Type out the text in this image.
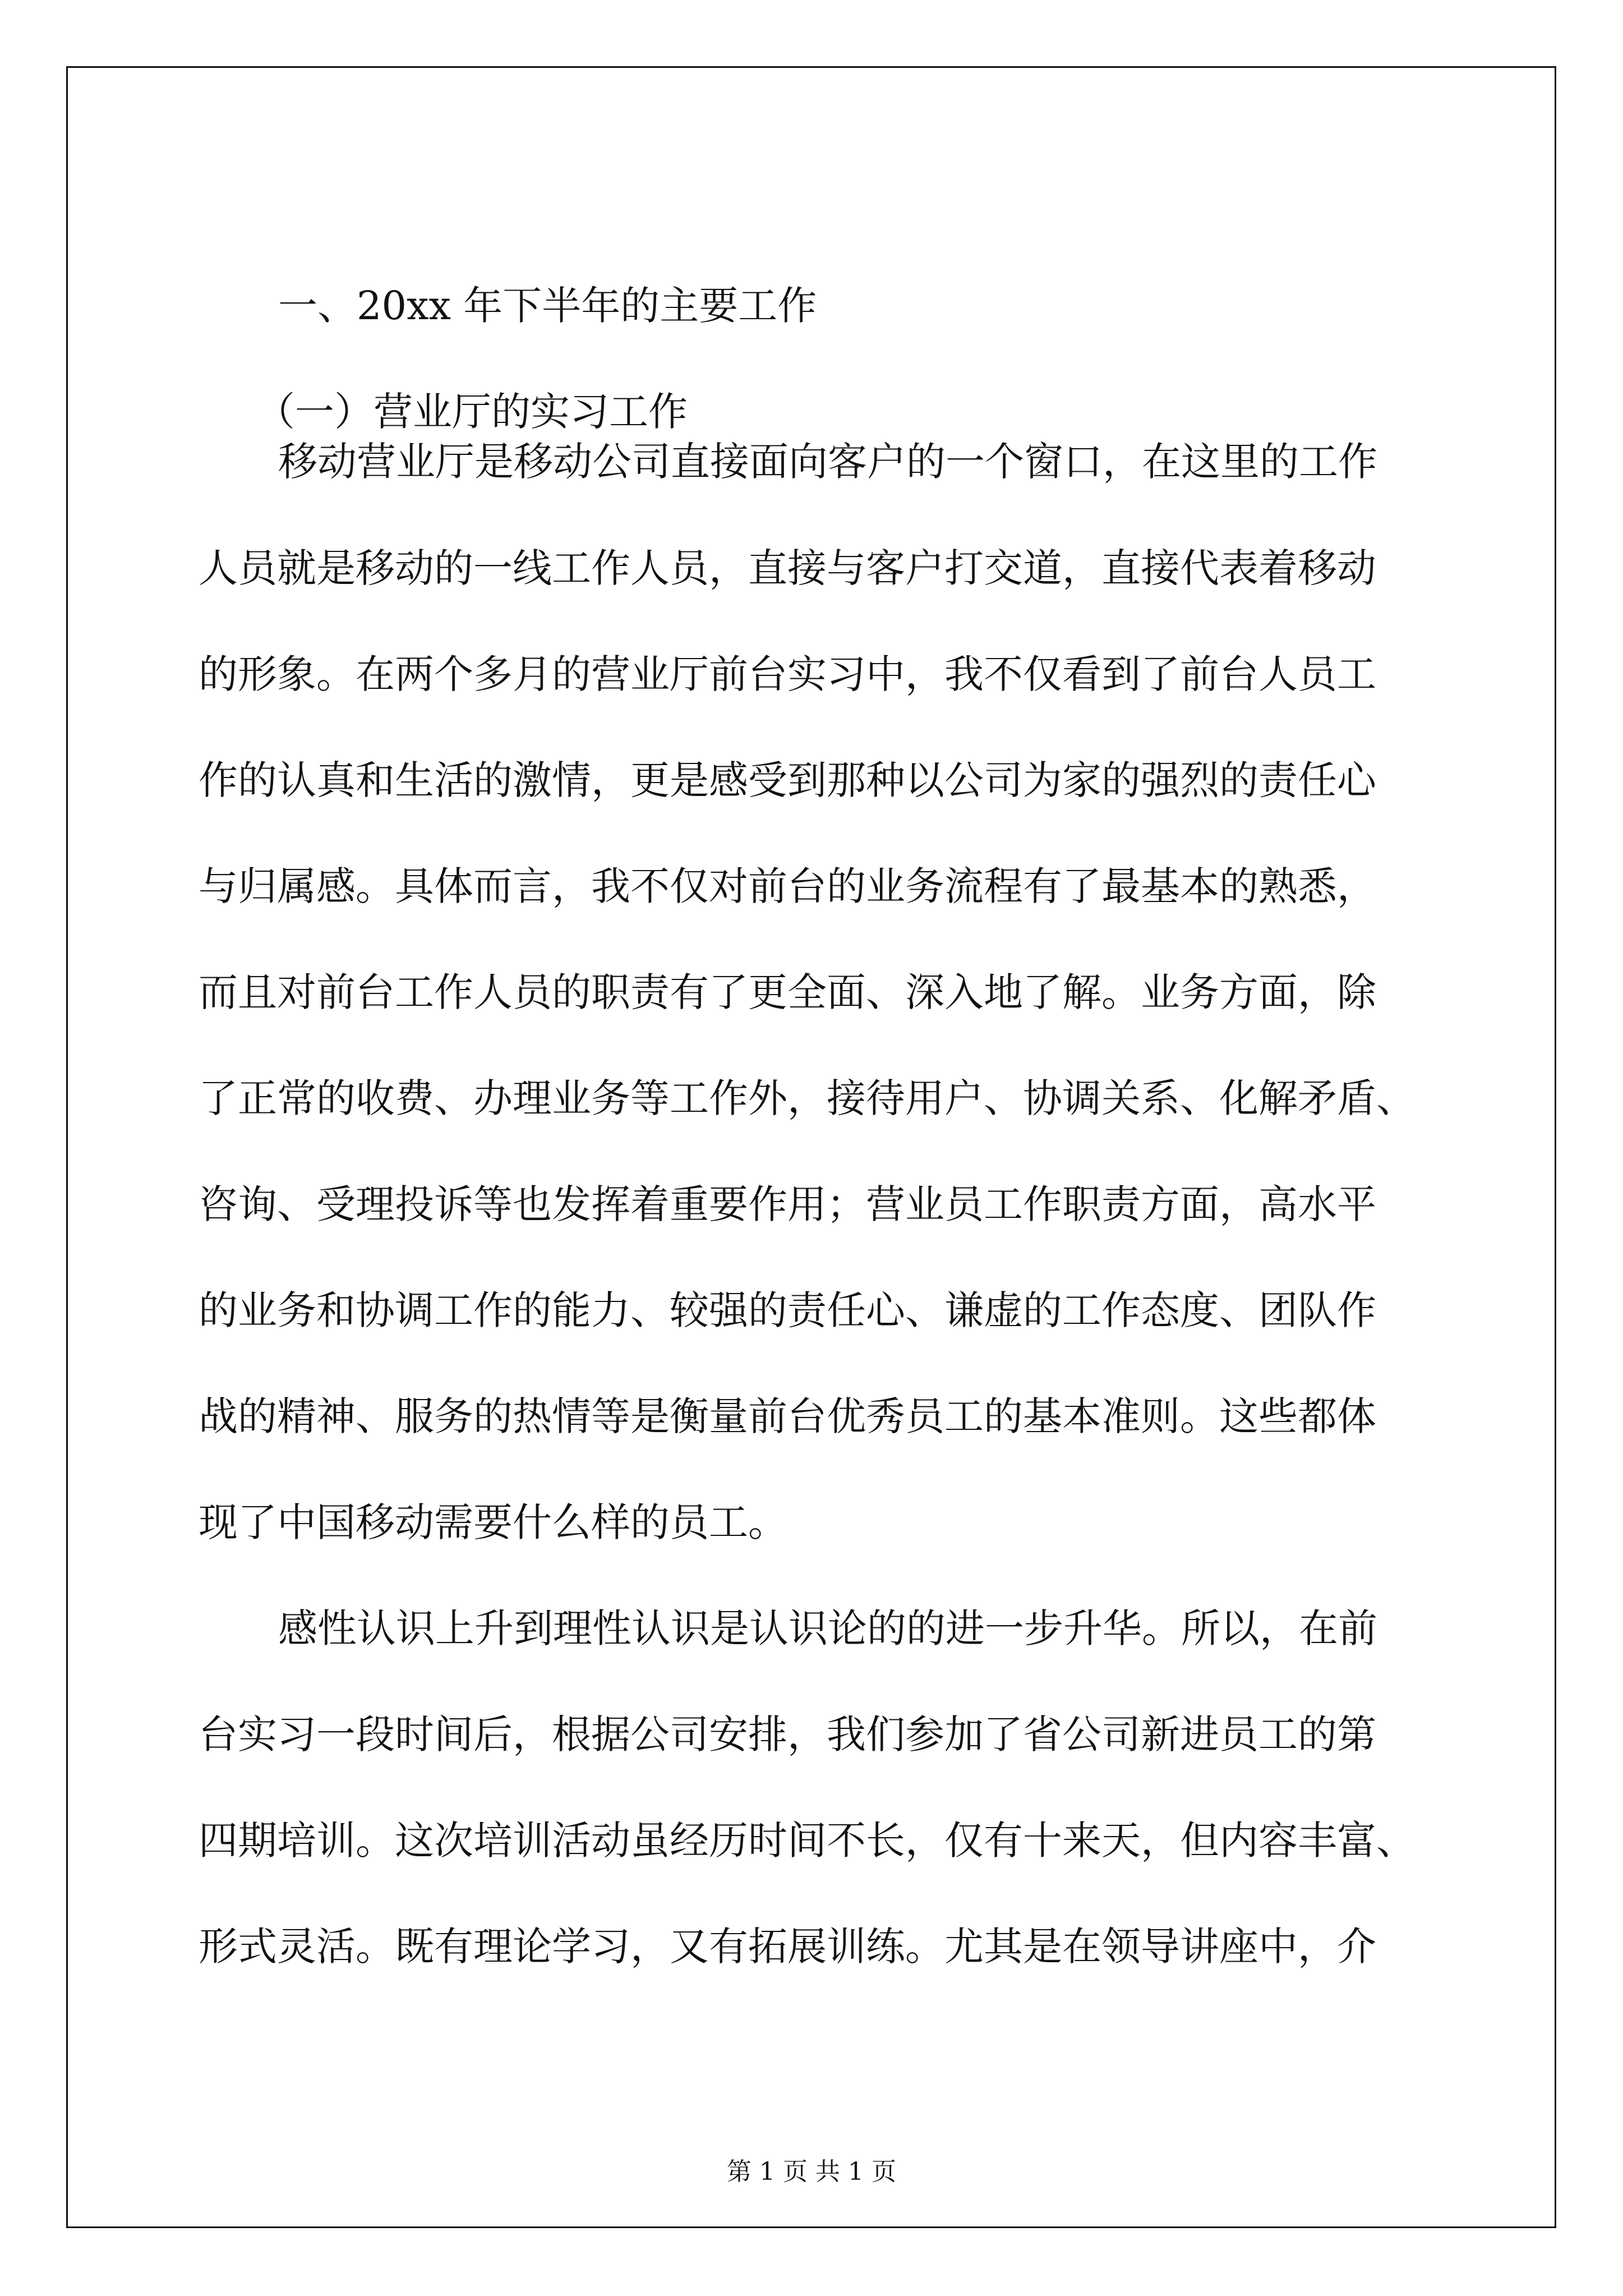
一、20xx 年下半年的主要工作

（一）营业厅的实习工作

移动营业厅是移动公司直接面向客户的一个窗口，在这里的工作
人员就是移动的一线工作人员，直接与客户打交道，直接代表着移动
的形象。在两个多月的营业厅前台实习中，我不仅看到了前台人员工
作的认真和生活的激情，更是感受到那种以公司为家的强烈的责任心
与归属感。具体而言，我不仅对前台的业务流程有了最基本的熟悉，
而且对前台工作人员的职责有了更全面、深入地了解。业务方面，除
了正常的收费、办理业务等工作外，接待用户、协调关系、化解矛盾、
咨询、受理投诉等也发挥着重要作用；营业员工作职责方面，高水平
的业务和协调工作的能力、较强的责任心、谦虚的工作态度、团队作
战的精神、服务的热情等是衡量前台优秀员工的基本准则。这些都体
现了中国移动需要什么样的员工。
感性认识上升到理性认识是认识论的的进一步升华。所以，在前
台实习一段时间后，根据公司安排，我们参加了省公司新进员工的第
四期培训。这次培训活动虽经历时间不长，仅有十来天，但内容丰富、
形式灵活。既有理论学习，又有拓展训练。尤其是在领导讲座中，介
第 1 页 共 1 页
